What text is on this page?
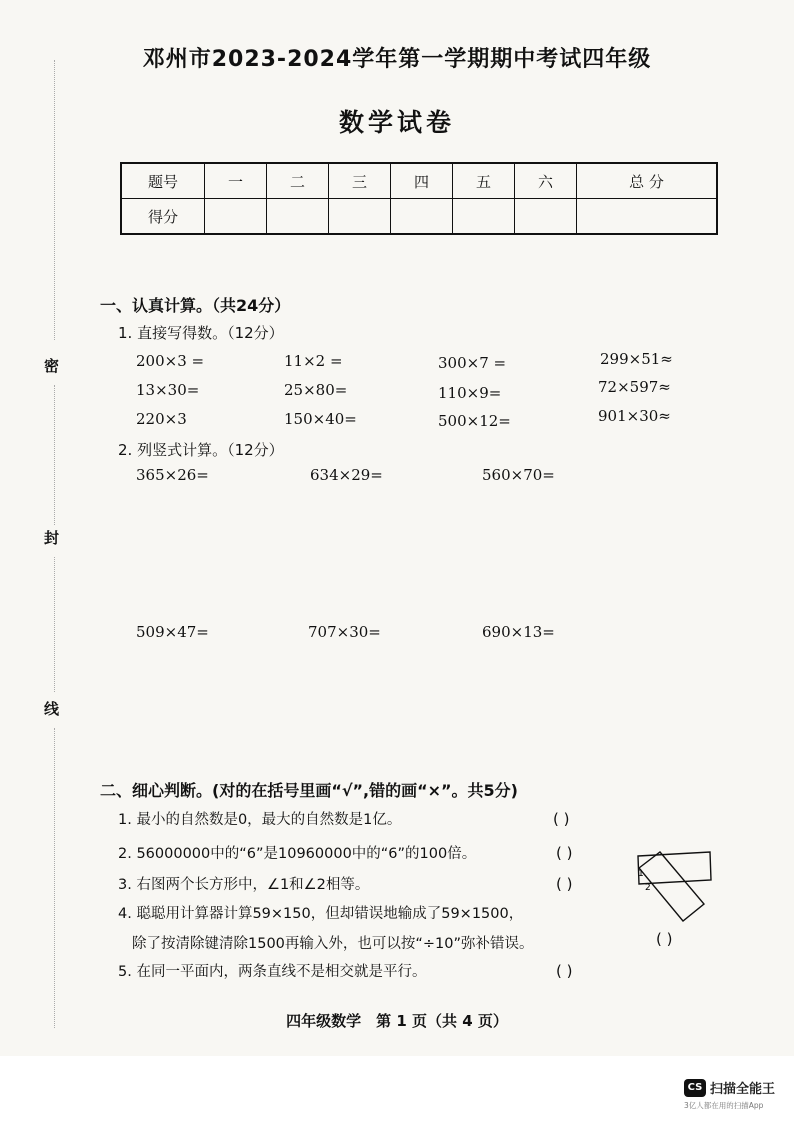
密
封
线
邓州市2023-2024学年第一学期期中考试四年级
数学试卷
题号	一	二	三	四	五	六	总 分
得分							
一、认真计算。（共24分）
1. 直接写得数。（12分）
200×3 =	11×2 =	300×7 =	299×51≈
13×30=	25×80=	110×9=	72×597≈
220×3	150×40=	500×12=	901×30≈
2. 列竖式计算。（12分）
365×26=	634×29=	560×70=
509×47=	707×30=	690×13=
二、细心判断。(对的在括号里画“√”,错的画“×”。共5分)
1. 最小的自然数是0，最大的自然数是1亿。	( )
2. 56000000中的“6”是10960000中的“6”的100倍。	( )
3. 右图两个长方形中，∠1和∠2相等。	( )
4. 聪聪用计算器计算59×150，但却错误地输成了59×1500，
除了按清除键清除1500再输入外，也可以按“÷10”弥补错误。	( )
5. 在同一平面内，两条直线不是相交就是平行。	( )
1
2
四年级数学　第 1 页（共 4 页）
CS 扫描全能王
3亿人都在用的扫描App
